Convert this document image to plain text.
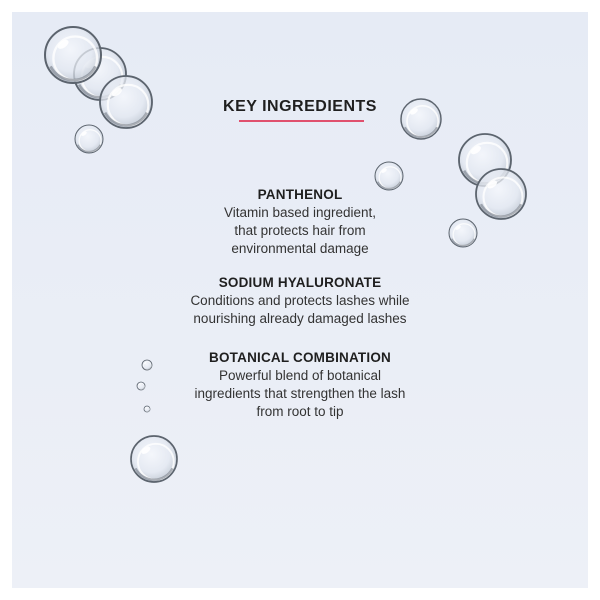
KEY INGREDIENTS
PANTHENOL
Vitamin based ingredient,
that protects hair from
environmental damage
SODIUM HYALURONATE
Conditions and protects lashes while
nourishing already damaged lashes
BOTANICAL COMBINATION
Powerful blend of botanical
ingredients that strengthen the lash
from root to tip
